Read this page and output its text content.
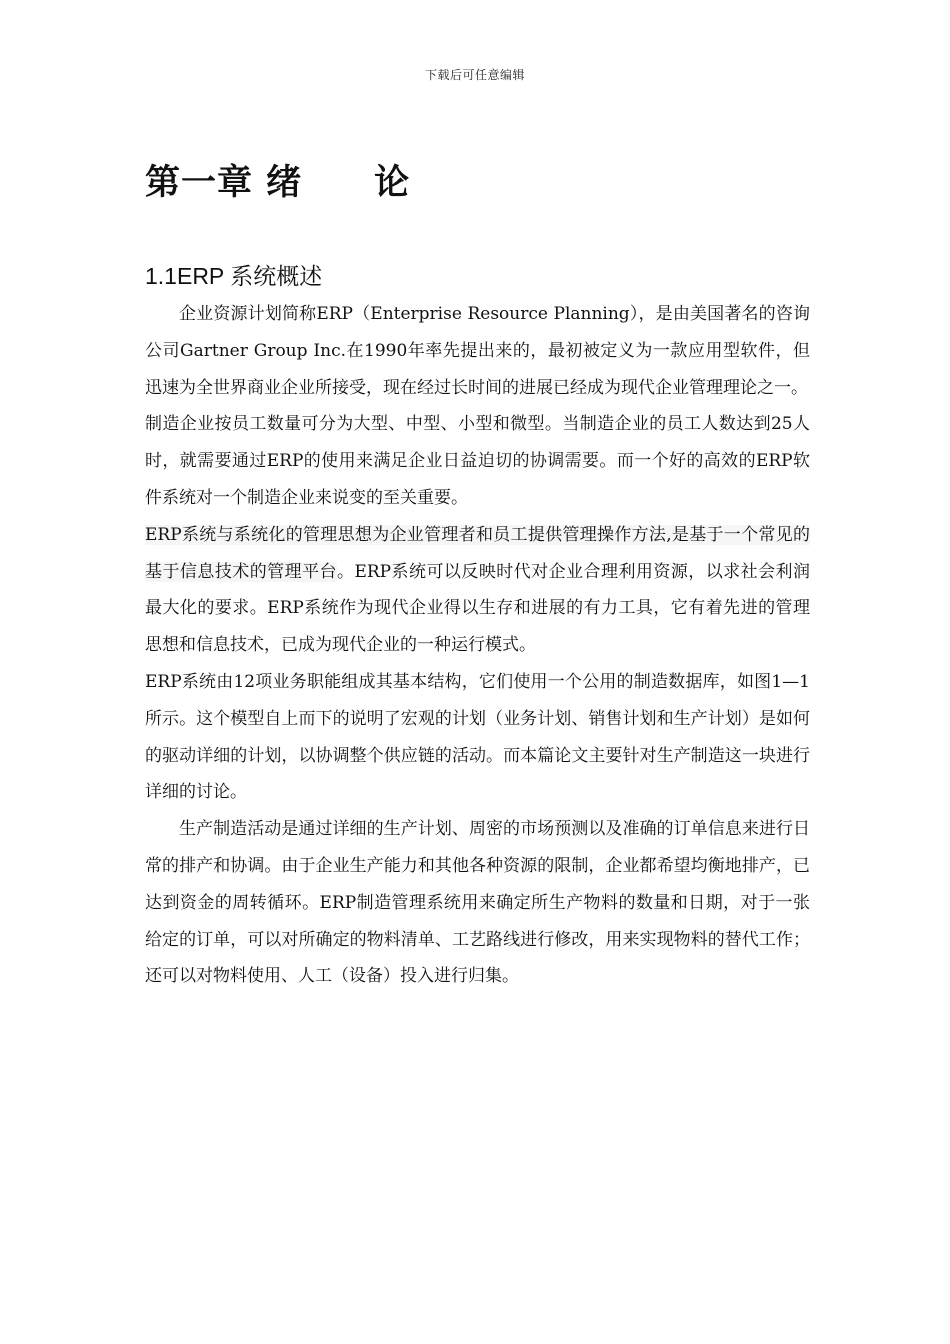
下载后可任意编辑
第一章 绪　　论
1.1ERP 系统概述

企业资源计划简称ERP（Enterprise Resource Planning），是由美国著名的咨询公司Gartner Group Inc.在1990年率先提出来的，最初被定义为一款应用型软件，但迅速为全世界商业企业所接受，现在经过长时间的进展已经成为现代企业管理理论之一。

制造企业按员工数量可分为大型、中型、小型和微型。当制造企业的员工人数达到25人时，就需要通过ERP的使用来满足企业日益迫切的协调需要。而一个好的高效的ERP软件系统对一个制造企业来说变的至关重要。

ERP系统与系统化的管理思想为企业管理者和员工提供管理操作方法,是基于一个常见的基于信息技术的管理平台。ERP系统可以反映时代对企业合理利用资源，以求社会利润最大化的要求。ERP系统作为现代企业得以生存和进展的有力工具，它有着先进的管理思想和信息技术，已成为现代企业的一种运行模式。

ERP系统由12项业务职能组成其基本结构，它们使用一个公用的制造数据库，如图1—1所示。这个模型自上而下的说明了宏观的计划（业务计划、销售计划和生产计划）是如何的驱动详细的计划，以协调整个供应链的活动。而本篇论文主要针对生产制造这一块进行详细的讨论。

生产制造活动是通过详细的生产计划、周密的市场预测以及准确的订单信息来进行日常的排产和协调。由于企业生产能力和其他各种资源的限制，企业都希望均衡地排产，已达到资金的周转循环。ERP制造管理系统用来确定所生产物料的数量和日期，对于一张给定的订单，可以对所确定的物料清单、工艺路线进行修改，用来实现物料的替代工作；还可以对物料使用、人工（设备）投入进行归集。
